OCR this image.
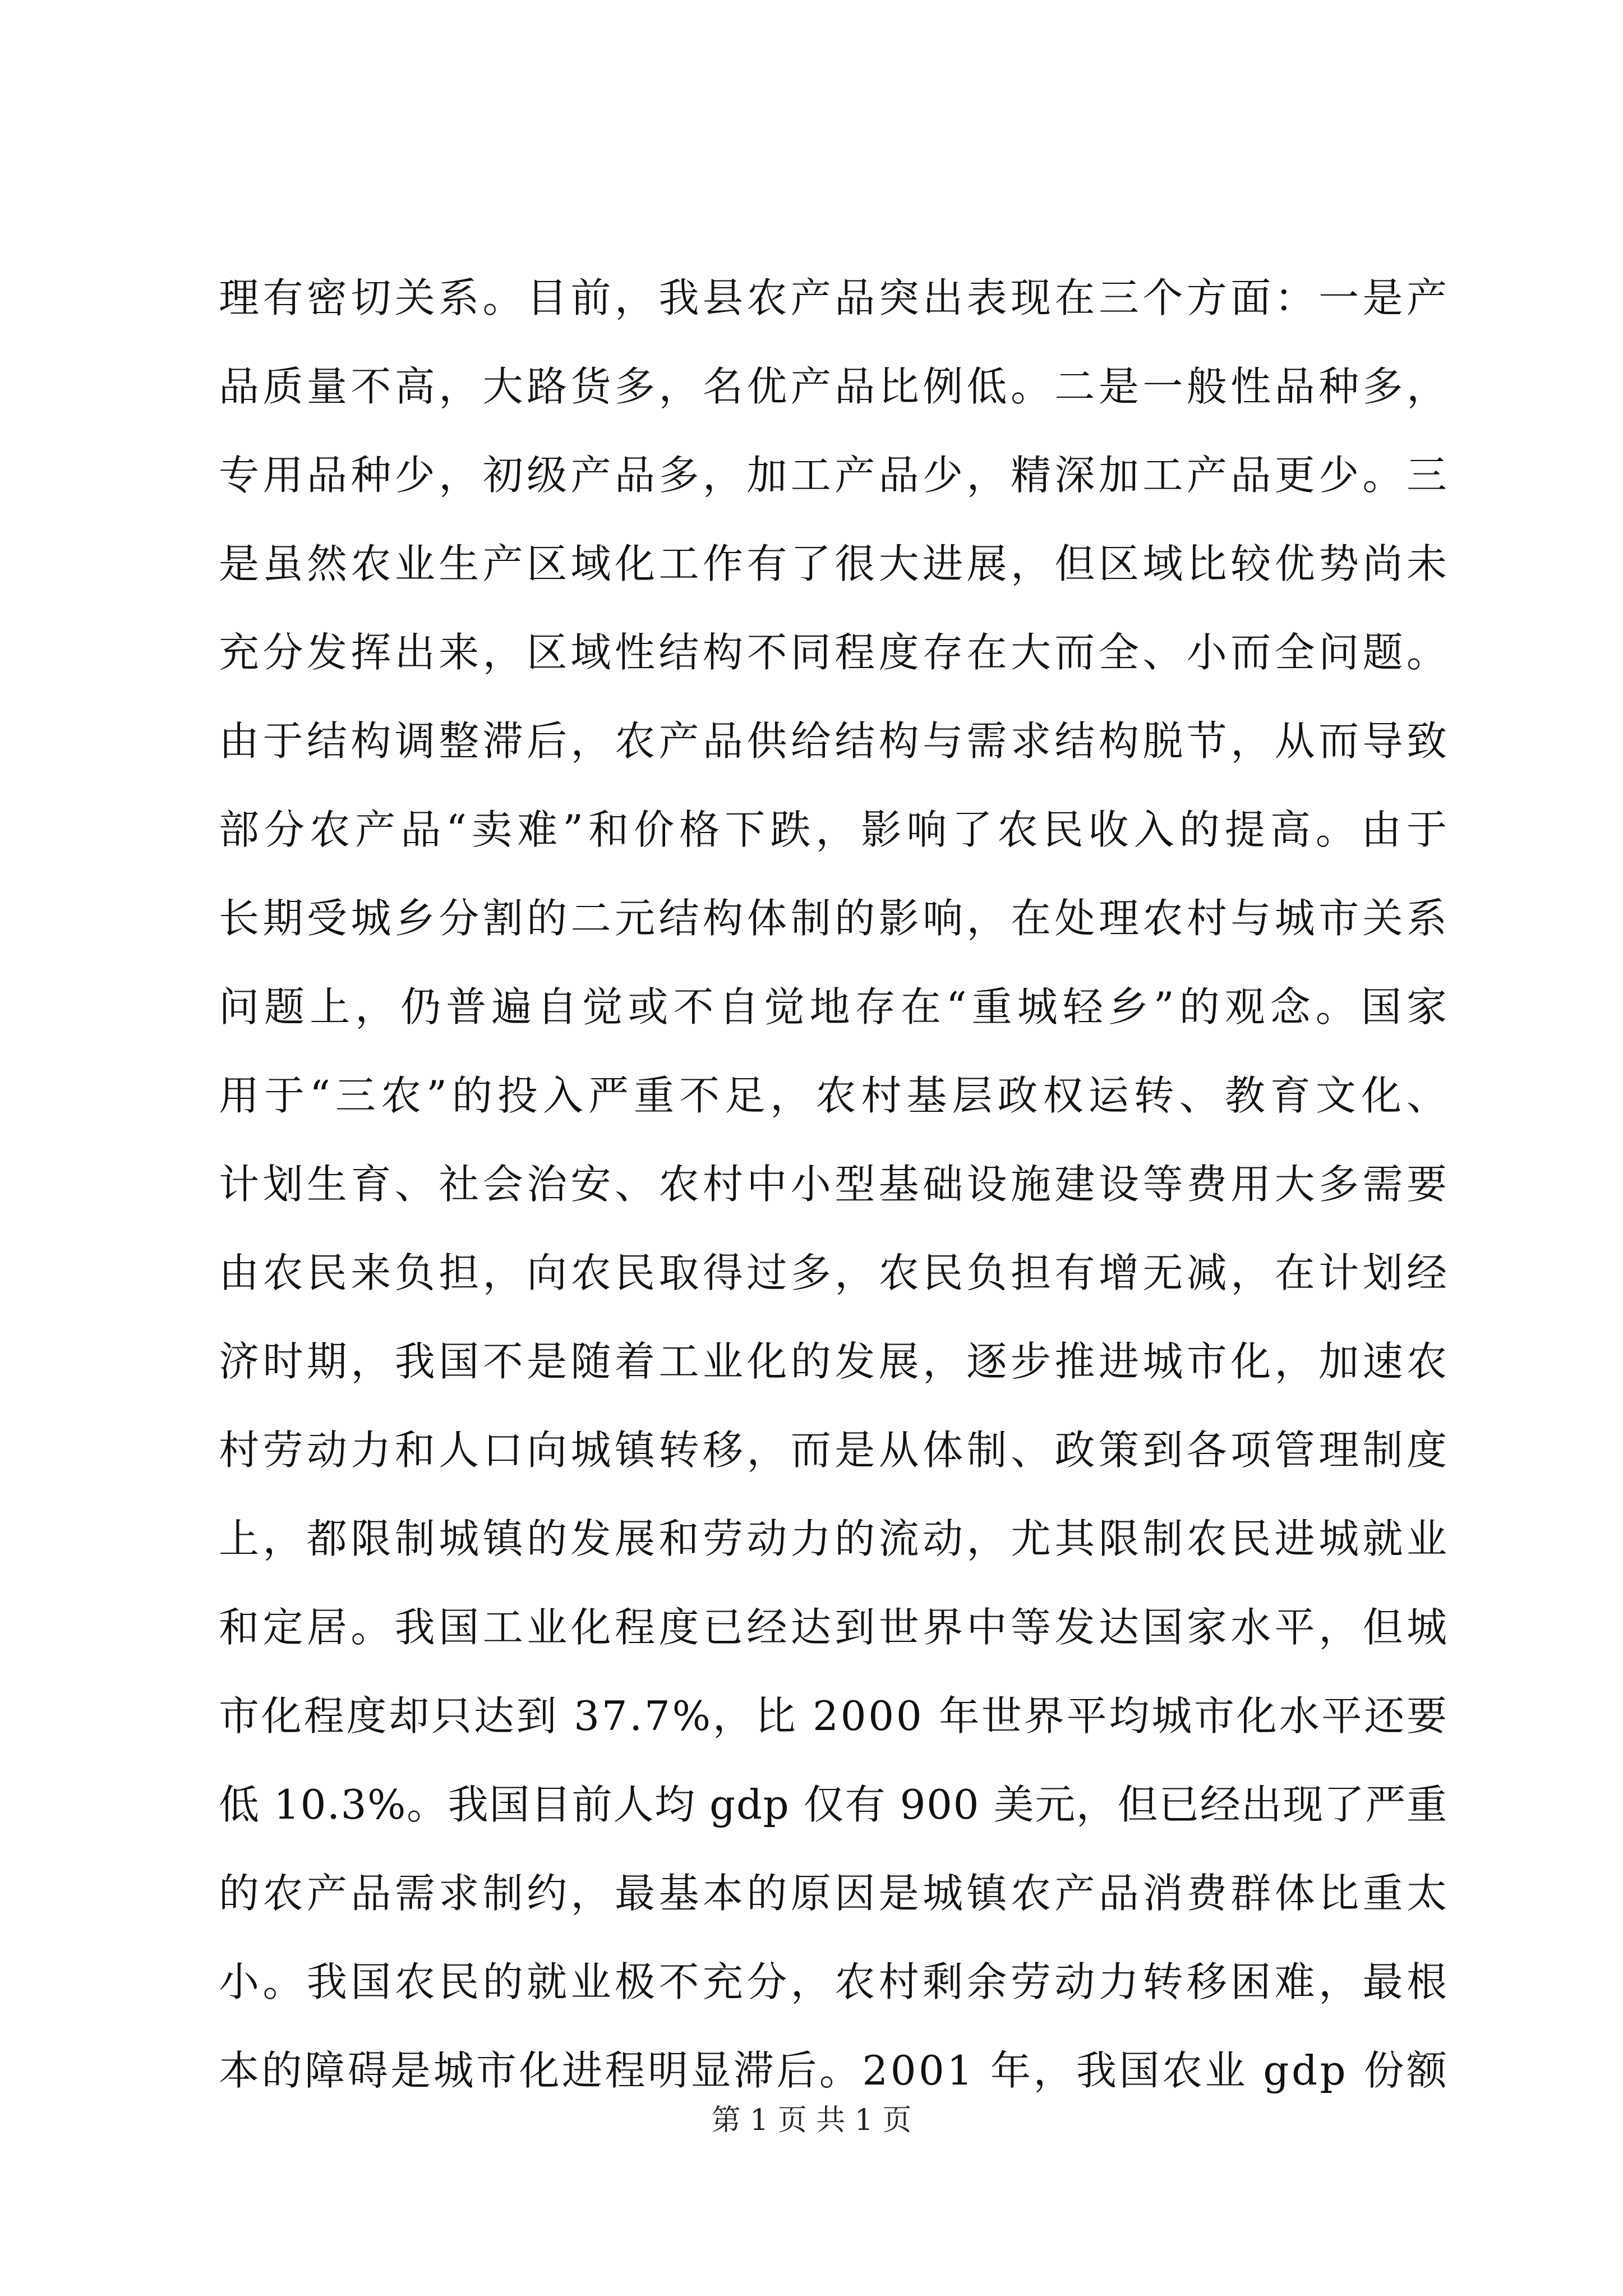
理有密切关系。目前，我县农产品突出表现在三个方面：一是产
品质量不高，大路货多，名优产品比例低。二是一般性品种多，
专用品种少，初级产品多，加工产品少，精深加工产品更少。三
是虽然农业生产区域化工作有了很大进展，但区域比较优势尚未
充分发挥出来，区域性结构不同程度存在大而全、小而全问题。
由于结构调整滞后，农产品供给结构与需求结构脱节，从而导致
部分农产品“卖难”和价格下跌，影响了农民收入的提高。由于
长期受城乡分割的二元结构体制的影响，在处理农村与城市关系
问题上，仍普遍自觉或不自觉地存在“重城轻乡”的观念。国家
用于“三农”的投入严重不足，农村基层政权运转、教育文化、
计划生育、社会治安、农村中小型基础设施建设等费用大多需要
由农民来负担，向农民取得过多，农民负担有增无减，在计划经
济时期，我国不是随着工业化的发展，逐步推进城市化，加速农
村劳动力和人口向城镇转移，而是从体制、政策到各项管理制度
上，都限制城镇的发展和劳动力的流动，尤其限制农民进城就业
和定居。我国工业化程度已经达到世界中等发达国家水平，但城
市化程度却只达到 37.7%，比 2000 年世界平均城市化水平还要
低 10.3%。我国目前人均 gdp 仅有 900 美元，但已经出现了严重
的农产品需求制约，最基本的原因是城镇农产品消费群体比重太
小。我国农民的就业极不充分，农村剩余劳动力转移困难，最根
本的障碍是城市化进程明显滞后。2001 年，我国农业 gdp 份额
第 1 页 共 1 页
